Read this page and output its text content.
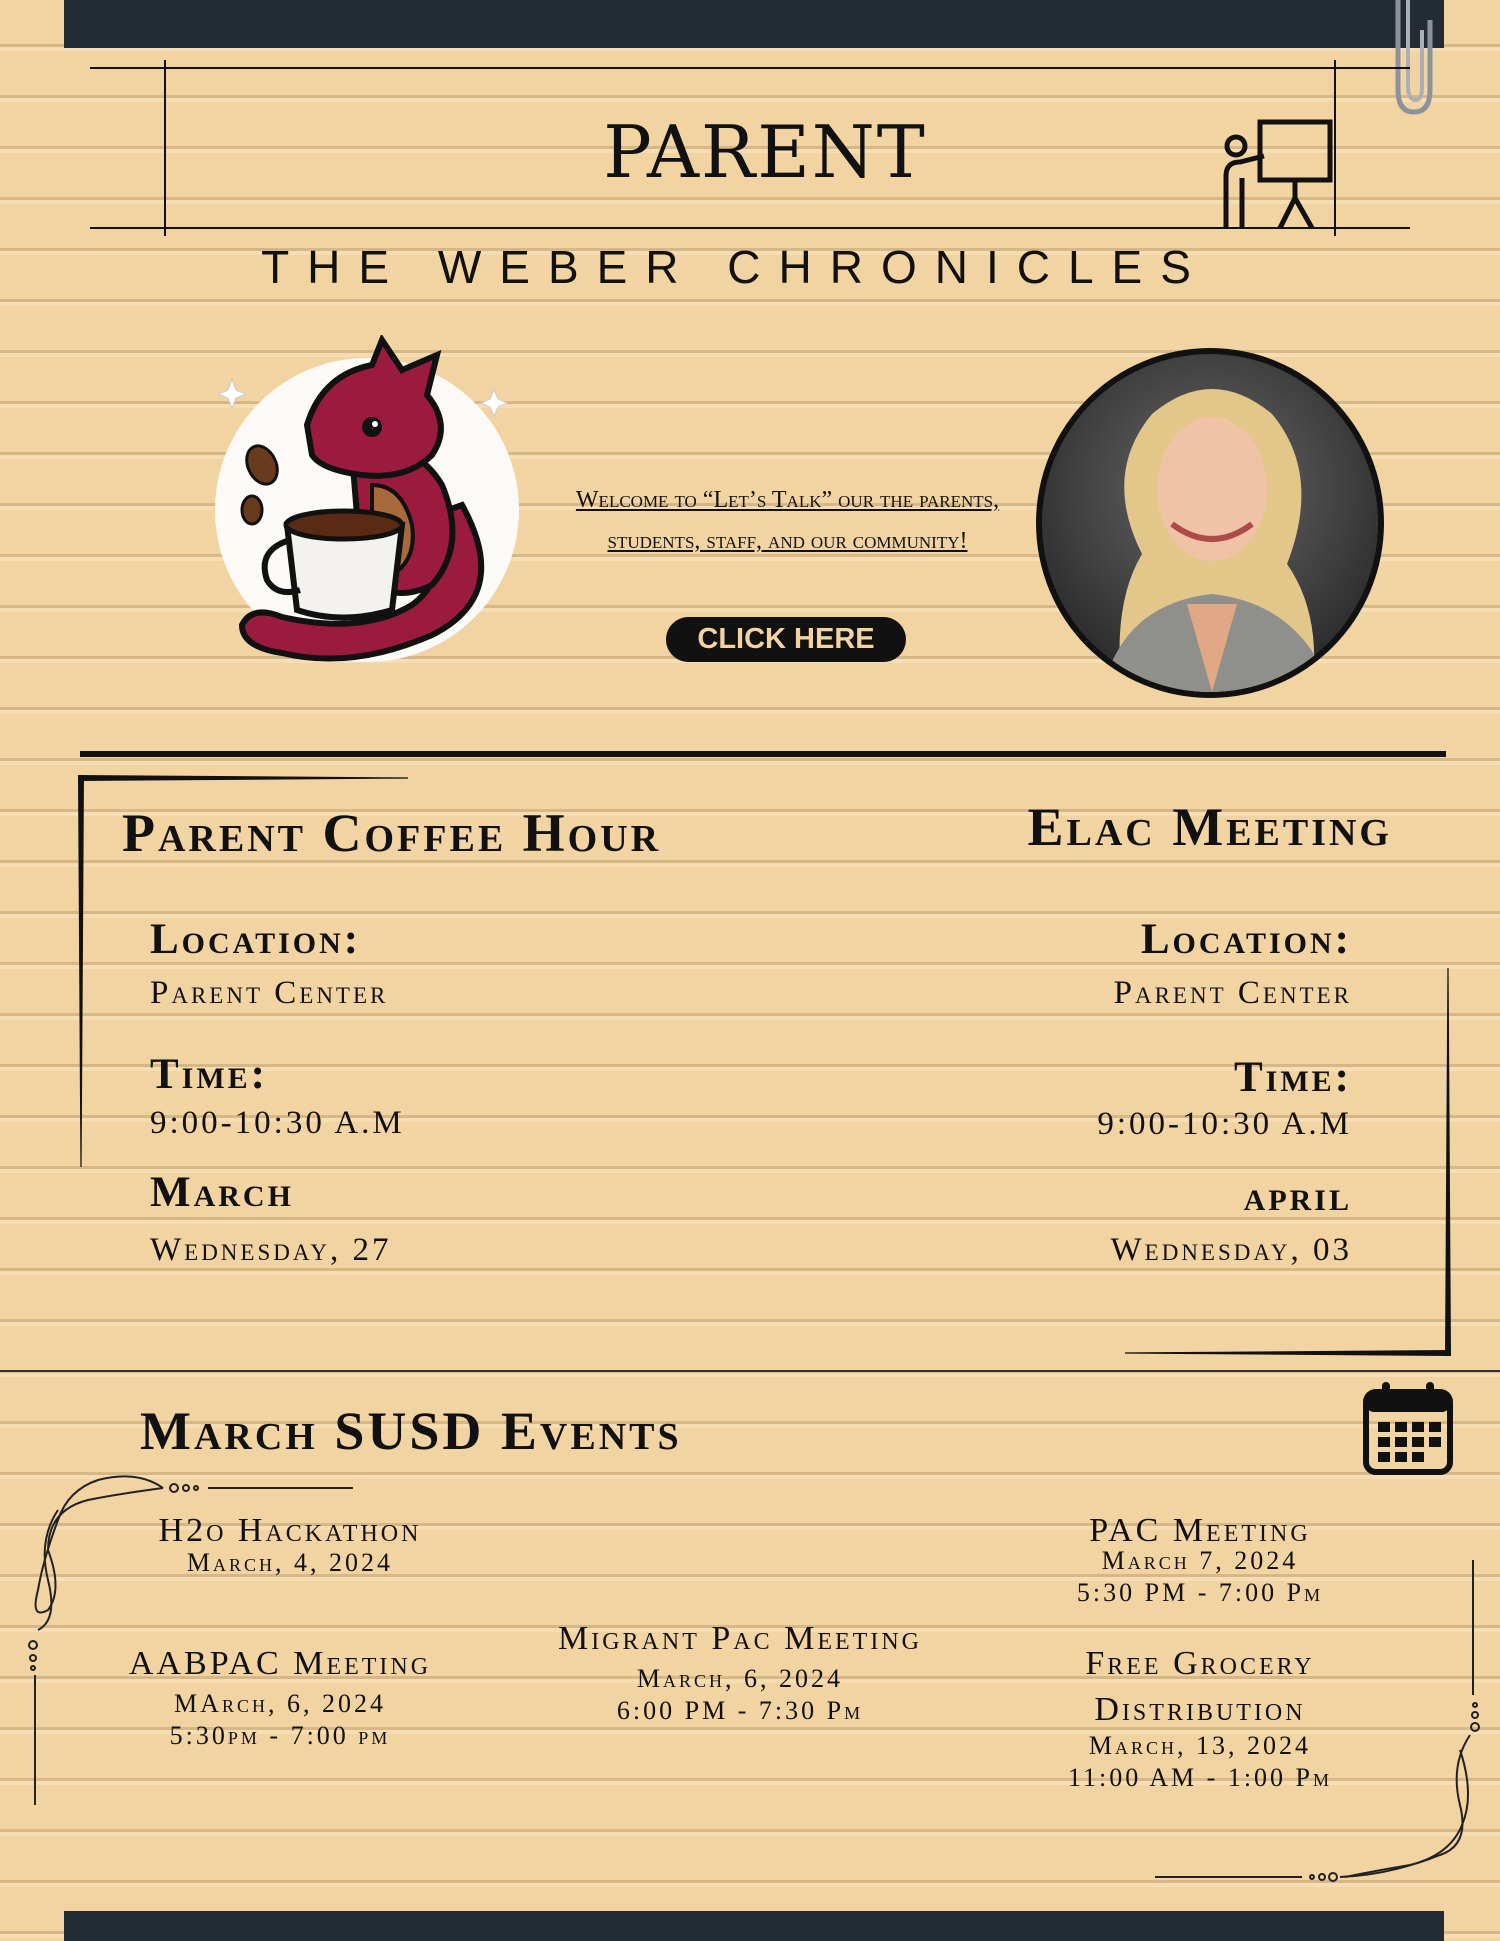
PARENT
THE WEBER CHRONICLES
Welcome to “Let’s Talk” our the parents, students, staff, and our community!
CLICK HERE
Parent Coffee Hour
Location:
Parent Center
Time:
9:00-10:30 A.M
March
Wednesday, 27
Elac Meeting
Location:
Parent Center
Time:
9:00-10:30 A.M
april
Wednesday, 03
March SUSD Events
H2o Hackathon
March, 4, 2024
AABPAC Meeting
MArch, 6, 2024
5:30pm - 7:00 pm
Migrant Pac Meeting
March, 6, 2024
6:00 PM - 7:30 Pm
PAC Meeting
March 7, 2024
5:30 PM - 7:00 Pm
Free Grocery
Distribution
March, 13, 2024
11:00 AM - 1:00 Pm
